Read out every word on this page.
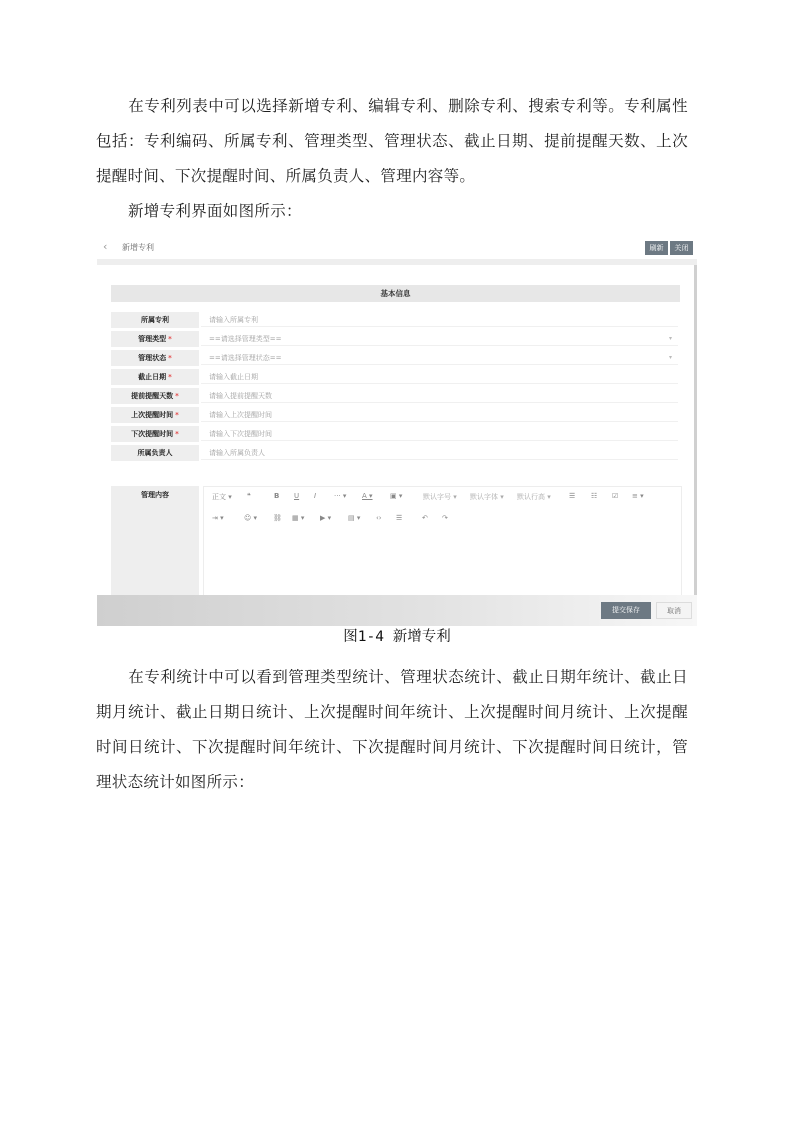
在专利列表中可以选择新增专利、编辑专利、删除专利、搜索专利等。专利属性包括：专利编码、所属专利、管理类型、管理状态、截止日期、提前提醒天数、上次提醒时间、下次提醒时间、所属负责人、管理内容等。
新增专利界面如图所示：
‹ 新增专利	刷新	关闭
基本信息
所属专利	请输入所属专利
管理类型 *	==请选择管理类型==	▾
管理状态 *	==请选择管理状态==	▾
截止日期 *	请输入截止日期
提前提醒天数 *	请输入提前提醒天数
上次提醒时间 *	请输入上次提醒时间
下次提醒时间 *	请输入下次提醒时间
所属负责人	请输入所属负责人
管理内容	正文 ▾ ❝	B U I	··· ▾ A ▾ ▣ ▾	默认字号 ▾ 默认字体 ▾ 默认行高 ▾	☰ ☷ ☑ ≡ ▾
⇥ ▾	☺ ▾ ⛓ ▦ ▾ ▶ ▾ ▤ ▾ ‹› ☰	↶ ↷
提交保存	取消
图1-4 新增专利
在专利统计中可以看到管理类型统计、管理状态统计、截止日期年统计、截止日期月统计、截止日期日统计、上次提醒时间年统计、上次提醒时间月统计、上次提醒时间日统计、下次提醒时间年统计、下次提醒时间月统计、下次提醒时间日统计，管理状态统计如图所示：
